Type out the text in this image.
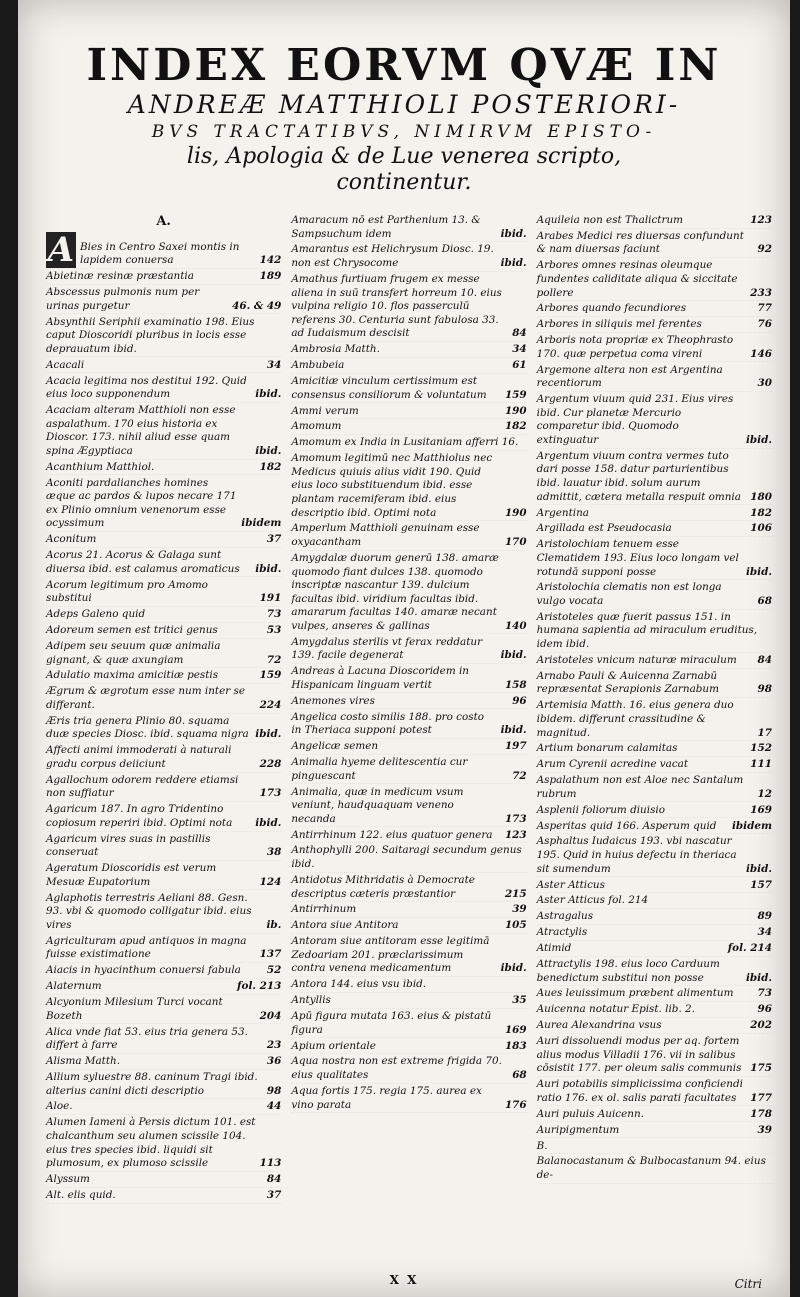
INDEX EORVM QVÆ IN
ANDREÆ MATTHIOLI POSTERIORI-
BVS TRACTATIBVS, NIMIRVM EPISTO-
lis, Apologia & de Lue venerea scripto,
continentur.
A.
A Bies in Centro Saxei montis in lapidem conuersa	142
Abietinæ resinæ præstantia	189
Abscessus pulmonis num per urinas purgetur	46. & 49
Absynthii Seriphii examinatio 198. Eius caput Dioscoridi pluribus in locis esse deprauatum ibid.
Acacali	34
Acacia legitima nos destitui 192. Quid eius loco supponendum	ibid.
Acaciam alteram Matthioli non esse aspalathum. 170 eius historia ex Dioscor. 173. nihil aliud esse quam spina Ægyptiaca	ibid.
Acanthium Matthiol.	182
Aconiti pardalianches homines æque ac pardos & lupos necare 171 ex Plinio omnium venenorum esse ocyssimum	ibidem
Aconitum	37
Acorus 21. Acorus & Galaga sunt diuersa ibid. est calamus aromaticus	ibid.
Acorum legitimum pro Amomo substitui	191
Adeps Galeno quid	73
Adoreum semen est tritici genus	53
Adipem seu seuum quæ animalia gignant, & quæ axungiam	72
Adulatio maxima amicitiæ pestis	159
Ægrum & ægrotum esse num inter se differant.	224
Æris tria genera Plinio 80. squama duæ species Diosc. ibid. squama nigra ibid.
Affecti animi immoderati à naturali gradu corpus deiiciunt	228
Agallochum odorem reddere etiamsi non suffiatur	173
Agaricum 187. In agro Tridentino copiosum reperiri ibid. Optimi nota	ibid.
Agaricum vires suas in pastillis conseruat	38
Ageratum Dioscoridis est verum Mesuæ Eupatorium	124
Aglaphotis terrestris Aeliani 88. Gesn. 93. vbi & quomodo colligatur ibid. eius vires	ib.
Agriculturam apud antiquos in magna fuisse existimatione	137
Aiacis in hyacinthum conuersi fabula	52
Alaternum	fol. 213
Alcyonium Milesium Turci vocant Bozeth	204
Alica vnde fiat 53. eius tria genera 53. differt à farre	23
Alisma Matth.	36
Allium syluestre 88. caninum Tragi ibid. alterius canini dicti descriptio	98
Aloe.	44
Alumen Iameni à Persis dictum 101. est chalcanthum seu alumen scissile 104. eius tres species ibid. liquidi sit plumosum, ex plumoso scissile	113
Alyssum	84
Alt. elis quid.	37
Amaracum nō est Parthenium 13. & Sampsuchum idem	ibid.
Amarantus est Helichrysum Diosc. 19. non est Chrysocome	ibid.
Amathus furtiuam frugem ex messe aliena in suū transfert horreum 10. eius vulpina religio 10. flos passerculū referens 30. Centuria sunt fabulosa 33. ad Iudaismum descisit	84
Ambrosia Matth.	34
Ambubeia	61
Amicitiæ vinculum certissimum est consensus consiliorum & voluntatum	159
Ammi verum	190
Amomum	182
Amomum ex India in Lusitaniam afferri 16.
Amomum legitimū nec Matthiolus nec Medicus quiuis alius vidit 190. Quid eius loco substituendum ibid. esse plantam racemiferam ibid. eius descriptio ibid. Optimi nota	190
Amperlum Matthioli genuinam esse oxyacantham	170
Amygdalæ duorum generū 138. amaræ quomodo fiant dulces 138. quomodo inscriptæ nascantur 139. dulcium facultas ibid. viridium facultas ibid. amararum facultas 140. amaræ necant vulpes, anseres & gallinas	140
Amygdalus sterilis vt ferax reddatur 139. facile degenerat	ibid.
Andreas à Lacuna Dioscoridem in Hispanicam linguam vertit	158
Anemones vires	96
Angelica costo similis 188. pro costo in Theriaca supponi potest	ibid.
Angelicæ semen	197
Animalia hyeme delitescentia cur pinguescant	72
Animalia, quæ in medicum vsum veniunt, haudquaquam veneno necanda	173
Antirrhinum 122. eius quatuor genera	123
Anthophylli 200. Saitaragi secundum genus ibid.
Antidotus Mithridatis à Democrate descriptus cæteris præstantior	215
Antirrhinum	39
Antora siue Antitora	105
Antoram siue antitoram esse legitimā Zedoariam 201. præclarissimum contra venena medicamentum	ibid.
Antora 144. eius vsu ibid.
Antyllis	35
Apū figura mutata 163. eius & pistatū figura	169
Apium orientale	183
Aqua nostra non est extreme frigida 70. eius qualitates	68
Aqua fortis 175. regia 175. aurea ex vino parata	176
Aquileia non est Thalictrum	123
Arabes Medici res diuersas confundunt & nam diuersas faciunt	92
Arbores omnes resinas oleumque fundentes caliditate aliqua & siccitate pollere	233
Arbores quando fecundiores	77
Arbores in siliquis mel ferentes	76
Arboris nota propriæ ex Theophrasto 170. quæ perpetua coma vireni	146
Argemone altera non est Argentina recentiorum	30
Argentum viuum quid 231. Eius vires ibid. Cur planetæ Mercurio comparetur ibid. Quomodo extinguatur	ibid.
Argentum viuum contra vermes tuto dari posse 158. datur parturientibus ibid. lauatur ibid. solum aurum admittit, cætera metalla respuit omnia 180
Argentina	182
Argillada est Pseudocasia	106
Aristolochiam tenuem esse Clematidem 193. Eius loco longam vel rotundā supponi posse	ibid.
Aristolochia clematis non est longa vulgo vocata	68
Aristoteles quæ fuerit passus 151. in humana sapientia ad miraculum eruditus, idem ibid.
Aristoteles vnicum naturæ miraculum	84
Arnabo Pauli & Auicenna Zarnabū repræsentat Serapionis Zarnabum	98
Artemisia Matth. 16. eius genera duo ibidem. differunt crassitudine & magnitud.	17
Artium bonarum calamitas	152
Arum Cyrenii acredine vacat	111
Aspalathum non est Aloe nec Santalum rubrum	12
Asplenii foliorum diuisio	169
Asperitas quid 166. Asperum quid	ibidem
Asphaltus Iudaicus 193. vbi nascatur 195. Quid in huius defectu in theriaca sit sumendum	ibid.
Aster Atticus	157
Aster Atticus fol. 214
Astragalus	89
Atractylis	34
Atimid	fol. 214
Attractylis 198. eius loco Carduum benedictum substitui non posse	ibid.
Aues leuissimum præbent alimentum	73
Auicenna notatur Epist. lib. 2.	96
Aurea Alexandrina vsus	202
Auri dissoluendi modus per aq. fortem alius modus Villadii 176. vii in salibus cōsistit 177. per oleum salis communis 175
Auri potabilis simplicissima conficiendi ratio 176. ex ol. salis parati facultates	177
Auri puluis Auicenn.	178
Auripigmentum	39
B.
Balanocastanum & Bulbocastanum 94. eius de-
X X	Citri
